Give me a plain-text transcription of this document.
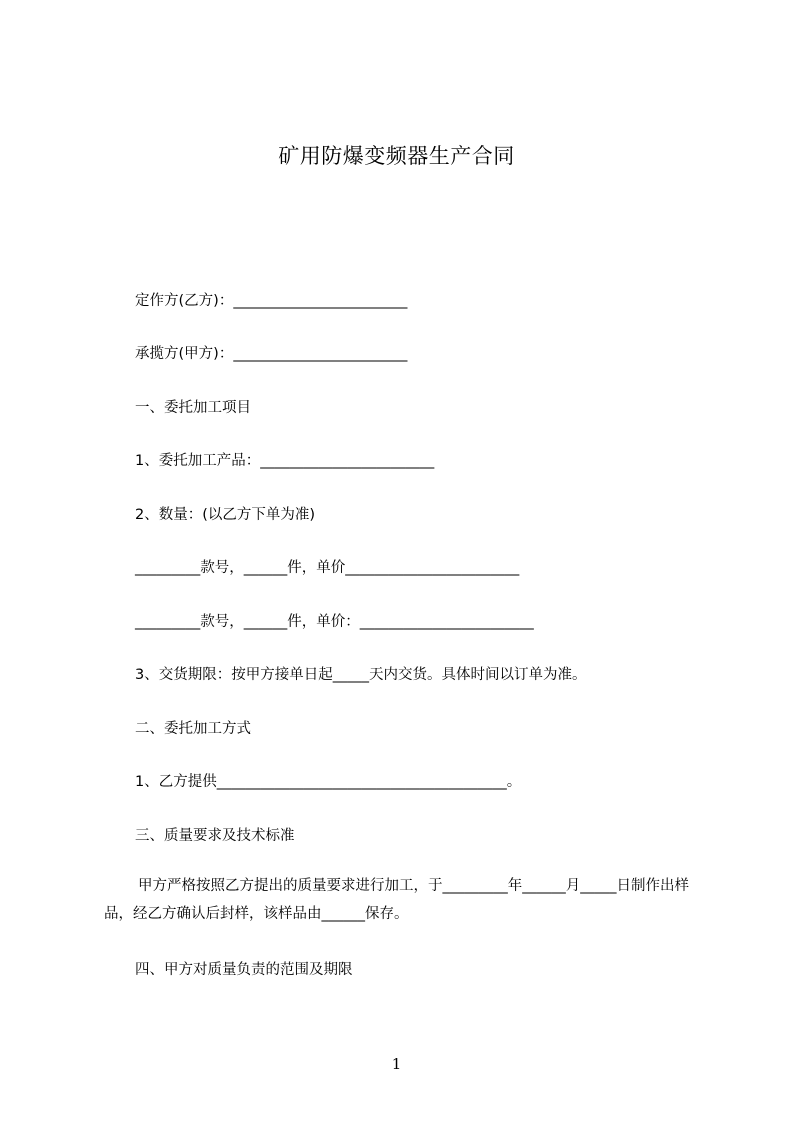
矿用防爆变频器生产合同
定作方(乙方)：________________________
承揽方(甲方)：________________________
一、委托加工项目
1、委托加工产品：________________________
2、数量：(以乙方下单为准)
_________款号，______件，单价________________________
_________款号，______件，单价：________________________
3、交货期限：按甲方接单日起_____天内交货。具体时间以订单为准。
二、委托加工方式
1、乙方提供________________________________________。
三、质量要求及技术标准
甲方严格按照乙方提出的质量要求进行加工，于_________年______月_____日制作出样品，经乙方确认后封样，该样品由______保存。
四、甲方对质量负责的范围及期限
1
